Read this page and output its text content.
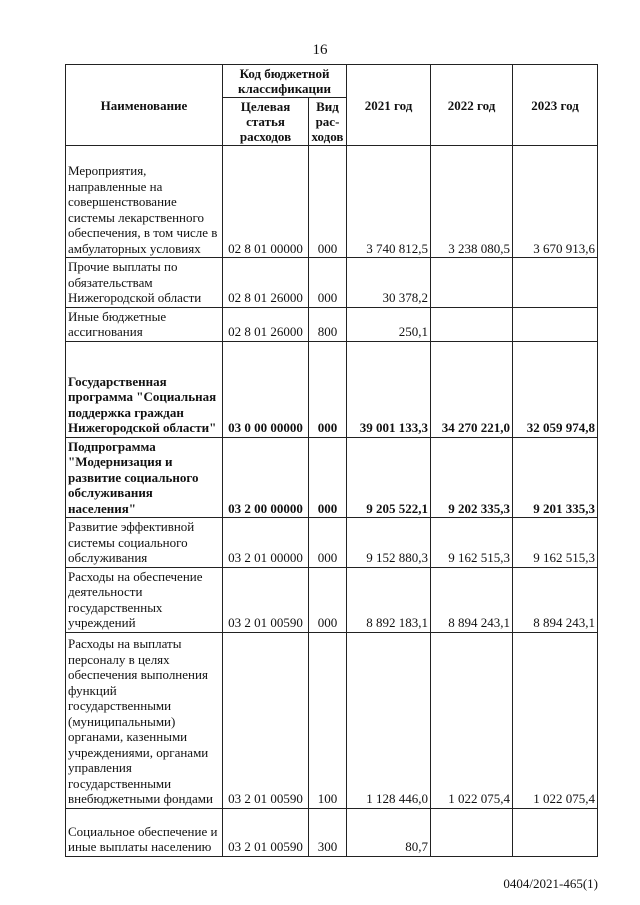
16
Наименование	Код бюджетной классификации		2021 год	2022 год	2023 год
	Целевая статья расходов	Вид рас-ходов			
Мероприятия, направленные на совершенствование системы лекарственного обеспечения, в том числе в амбулаторных условиях	02 8 01 00000	000	3 740 812,5	3 238 080,5	3 670 913,6
Прочие выплаты по обязательствам Нижегородской области	02 8 01 26000	000	30 378,2		
Иные бюджетные ассигнования	02 8 01 26000	800	250,1		
Государственная программа "Социальная поддержка граждан Нижегородской области"	03 0 00 00000	000	39 001 133,3	34 270 221,0	32 059 974,8
Подпрограмма "Модернизация и развитие социального обслуживания населения"	03 2 00 00000	000	9 205 522,1	9 202 335,3	9 201 335,3
Развитие эффективной системы социального обслуживания	03 2 01 00000	000	9 152 880,3	9 162 515,3	9 162 515,3
Расходы на обеспечение деятельности государственных учреждений	03 2 01 00590	000	8 892 183,1	8 894 243,1	8 894 243,1
Расходы на выплаты персоналу в целях обеспечения выполнения функций государственными (муниципальными) органами, казенными учреждениями, органами управления государственными внебюджетными фондами	03 2 01 00590	100	1 128 446,0	1 022 075,4	1 022 075,4
Социальное обеспечение и иные выплаты населению	03 2 01 00590	300	80,7		
0404/2021-465(1)
